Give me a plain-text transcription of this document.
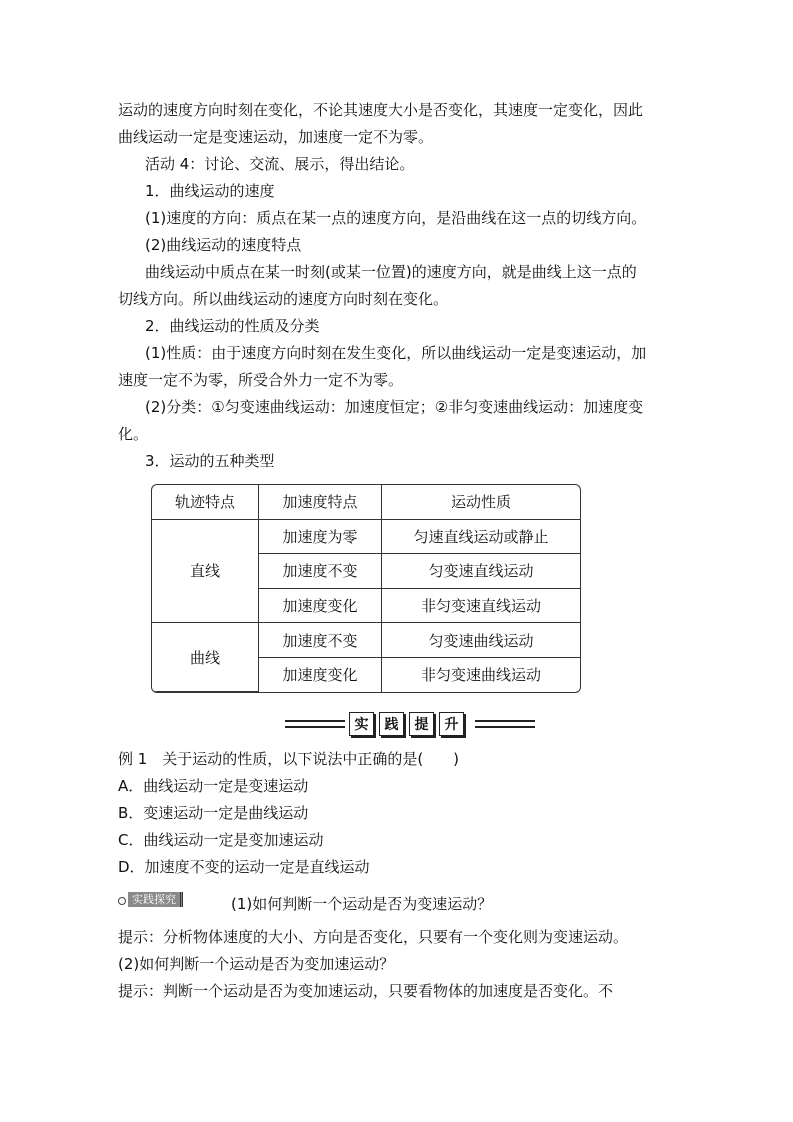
运动的速度方向时刻在变化，不论其速度大小是否变化，其速度一定变化，因此
曲线运动一定是变速运动，加速度一定不为零。
活动 4：讨论、交流、展示，得出结论。
1．曲线运动的速度
(1)速度的方向：质点在某一点的速度方向，是沿曲线在这一点的切线方向。
(2)曲线运动的速度特点
曲线运动中质点在某一时刻(或某一位置)的速度方向，就是曲线上这一点的
切线方向。所以曲线运动的速度方向时刻在变化。
2．曲线运动的性质及分类
(1)性质：由于速度方向时刻在发生变化，所以曲线运动一定是变速运动，加
速度一定不为零，所受合外力一定不为零。
(2)分类：①匀变速曲线运动：加速度恒定；②非匀变速曲线运动：加速度变
化。
3．运动的五种类型
轨迹特点	加速度特点	运动性质
直线	加速度为零	匀速直线运动或静止
	加速度不变	匀变速直线运动
	加速度变化	非匀变速直线运动
曲线	加速度不变	匀变速曲线运动
	加速度变化	非匀变速曲线运动
实	践	提	升
例 1　关于运动的性质，以下说法中正确的是(　　)
A．曲线运动一定是变速运动
B．变速运动一定是曲线运动
C．曲线运动一定是变加速运动
D．加速度不变的运动一定是直线运动
实践探究	(1)如何判断一个运动是否为变速运动？
提示：分析物体速度的大小、方向是否变化，只要有一个变化则为变速运动。
(2)如何判断一个运动是否为变加速运动？
提示：判断一个运动是否为变加速运动，只要看物体的加速度是否变化。不
